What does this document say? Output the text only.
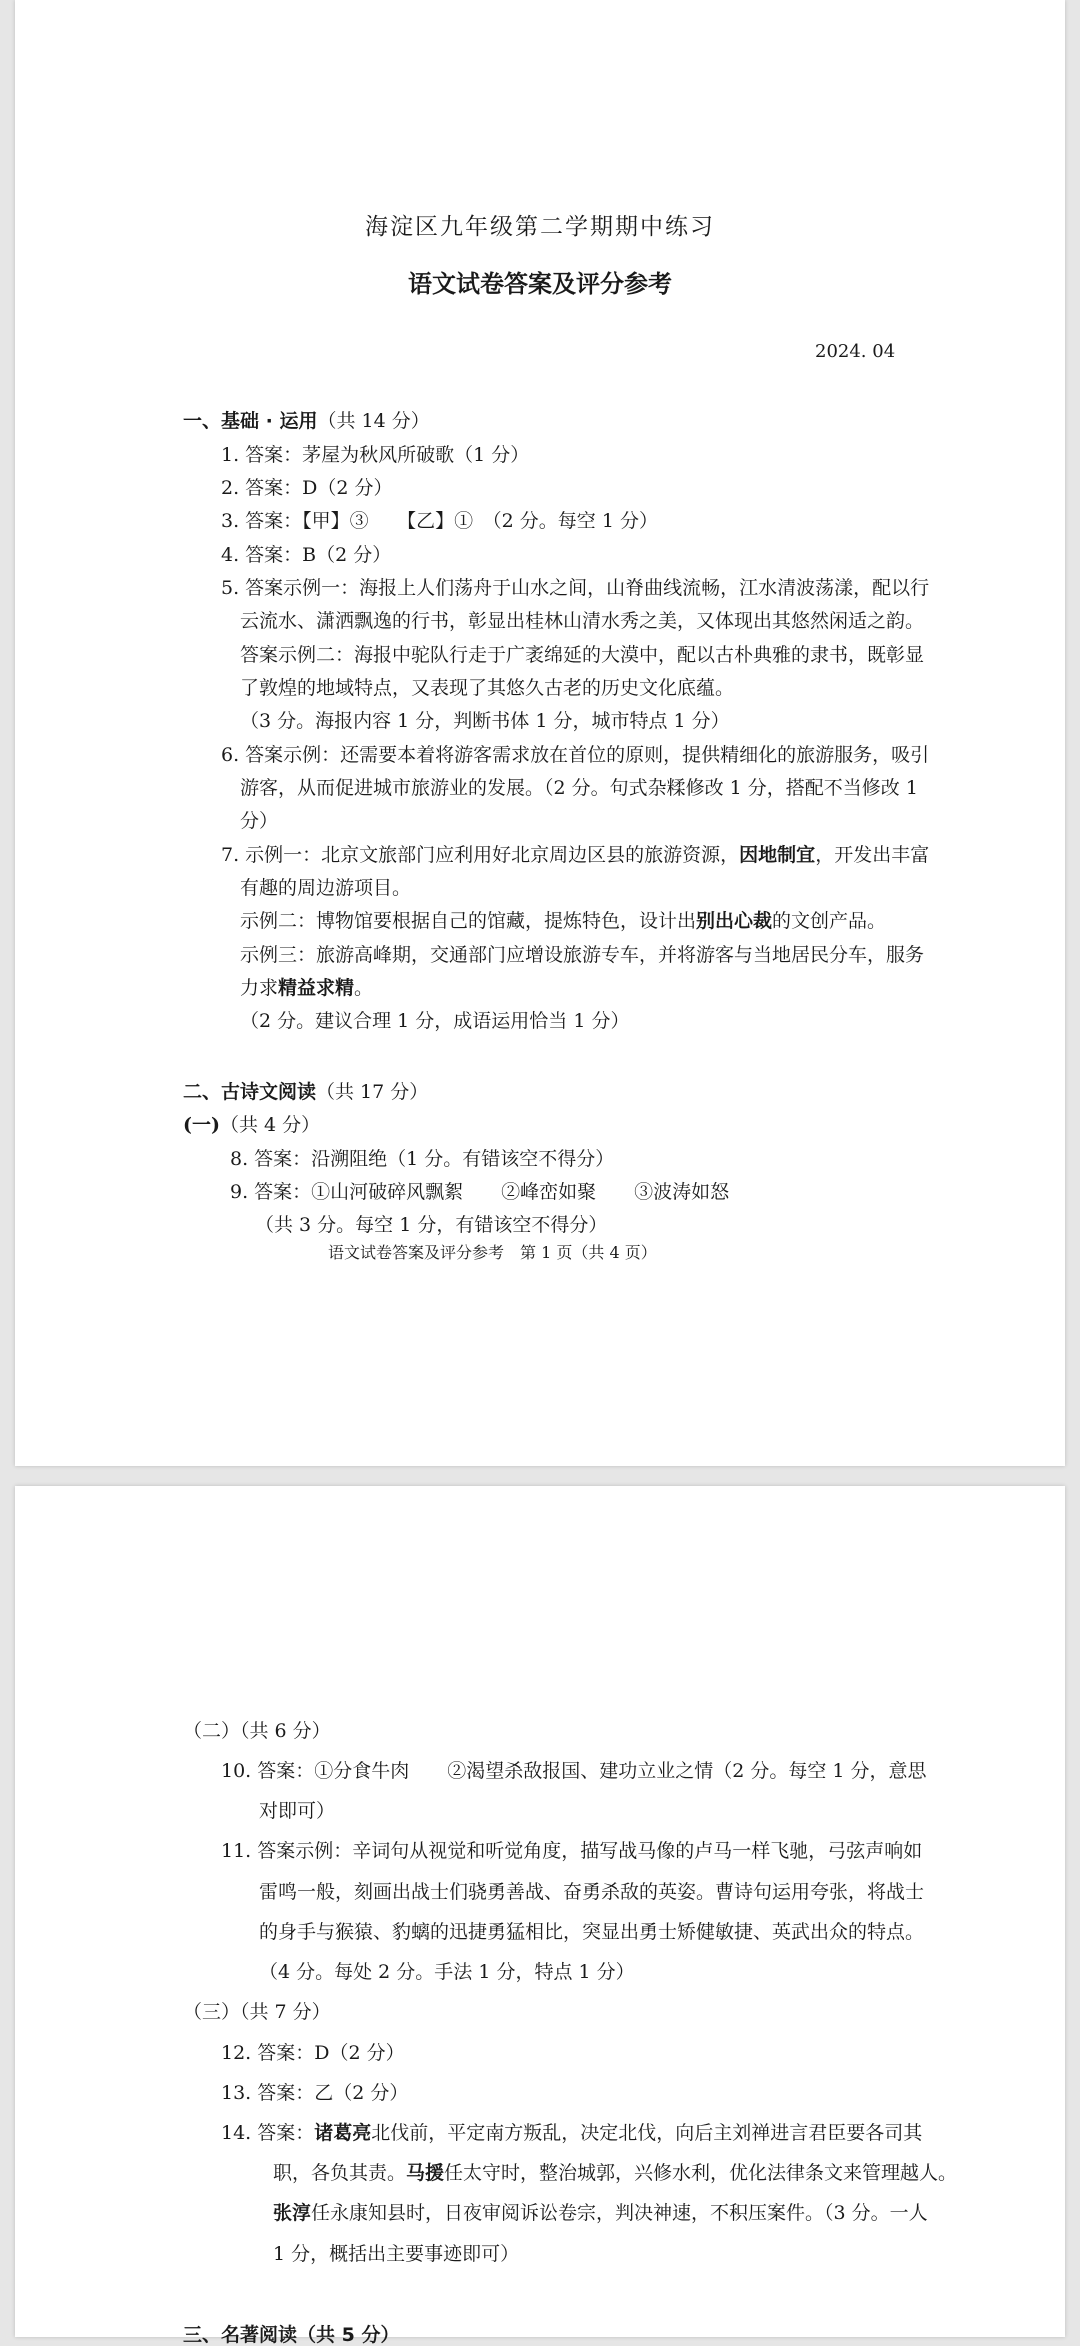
海淀区九年级第二学期期中练习
语文试卷答案及评分参考
2024. 04
一、基础 · 运用（共 14 分）
1. 答案：茅屋为秋风所破歌（1 分）
2. 答案：D（2 分）
3. 答案：【甲】③　　【乙】①　（2 分。每空 1 分）
4. 答案：B（2 分）
5. 答案示例一：海报上人们荡舟于山水之间，山脊曲线流畅，江水清波荡漾，配以行
云流水、潇洒飘逸的行书，彰显出桂林山清水秀之美，又体现出其悠然闲适之韵。
答案示例二：海报中驼队行走于广袤绵延的大漠中，配以古朴典雅的隶书，既彰显
了敦煌的地域特点，又表现了其悠久古老的历史文化底蕴。
（3 分。海报内容 1 分，判断书体 1 分，城市特点 1 分）
6. 答案示例：还需要本着将游客需求放在首位的原则，提供精细化的旅游服务，吸引
游客，从而促进城市旅游业的发展。（2 分。句式杂糅修改 1 分，搭配不当修改 1
分）
7. 示例一：北京文旅部门应利用好北京周边区县的旅游资源，因地制宜，开发出丰富
有趣的周边游项目。
示例二：博物馆要根据自己的馆藏，提炼特色，设计出别出心裁的文创产品。
示例三：旅游高峰期，交通部门应增设旅游专车，并将游客与当地居民分车，服务
力求精益求精。
（2 分。建议合理 1 分，成语运用恰当 1 分）
二、古诗文阅读（共 17 分）
(一)（共 4 分）
8. 答案：沿溯阻绝（1 分。有错该空不得分）
9. 答案：①山河破碎风飘絮　　②峰峦如聚　　③波涛如怒
（共 3 分。每空 1 分，有错该空不得分）
语文试卷答案及评分参考　第 1 页（共 4 页）
（二）（共 6 分）
10. 答案：①分食牛肉　　②渴望杀敌报国、建功立业之情（2 分。每空 1 分，意思
对即可）
11. 答案示例：辛词句从视觉和听觉角度，描写战马像的卢马一样飞驰，弓弦声响如
雷鸣一般，刻画出战士们骁勇善战、奋勇杀敌的英姿。曹诗句运用夸张，将战士
的身手与猴猿、豹螭的迅捷勇猛相比，突显出勇士矫健敏捷、英武出众的特点。
（4 分。每处 2 分。手法 1 分，特点 1 分）
（三）（共 7 分）
12. 答案：D（2 分）
13. 答案：乙（2 分）
14. 答案：诸葛亮北伐前，平定南方叛乱，决定北伐，向后主刘禅进言君臣要各司其
职，各负其责。马援任太守时，整治城郭，兴修水利，优化法律条文来管理越人。
张淳任永康知县时，日夜审阅诉讼卷宗，判决神速，不积压案件。（3 分。一人
1 分，概括出主要事迹即可）
三、名著阅读（共 5 分）
